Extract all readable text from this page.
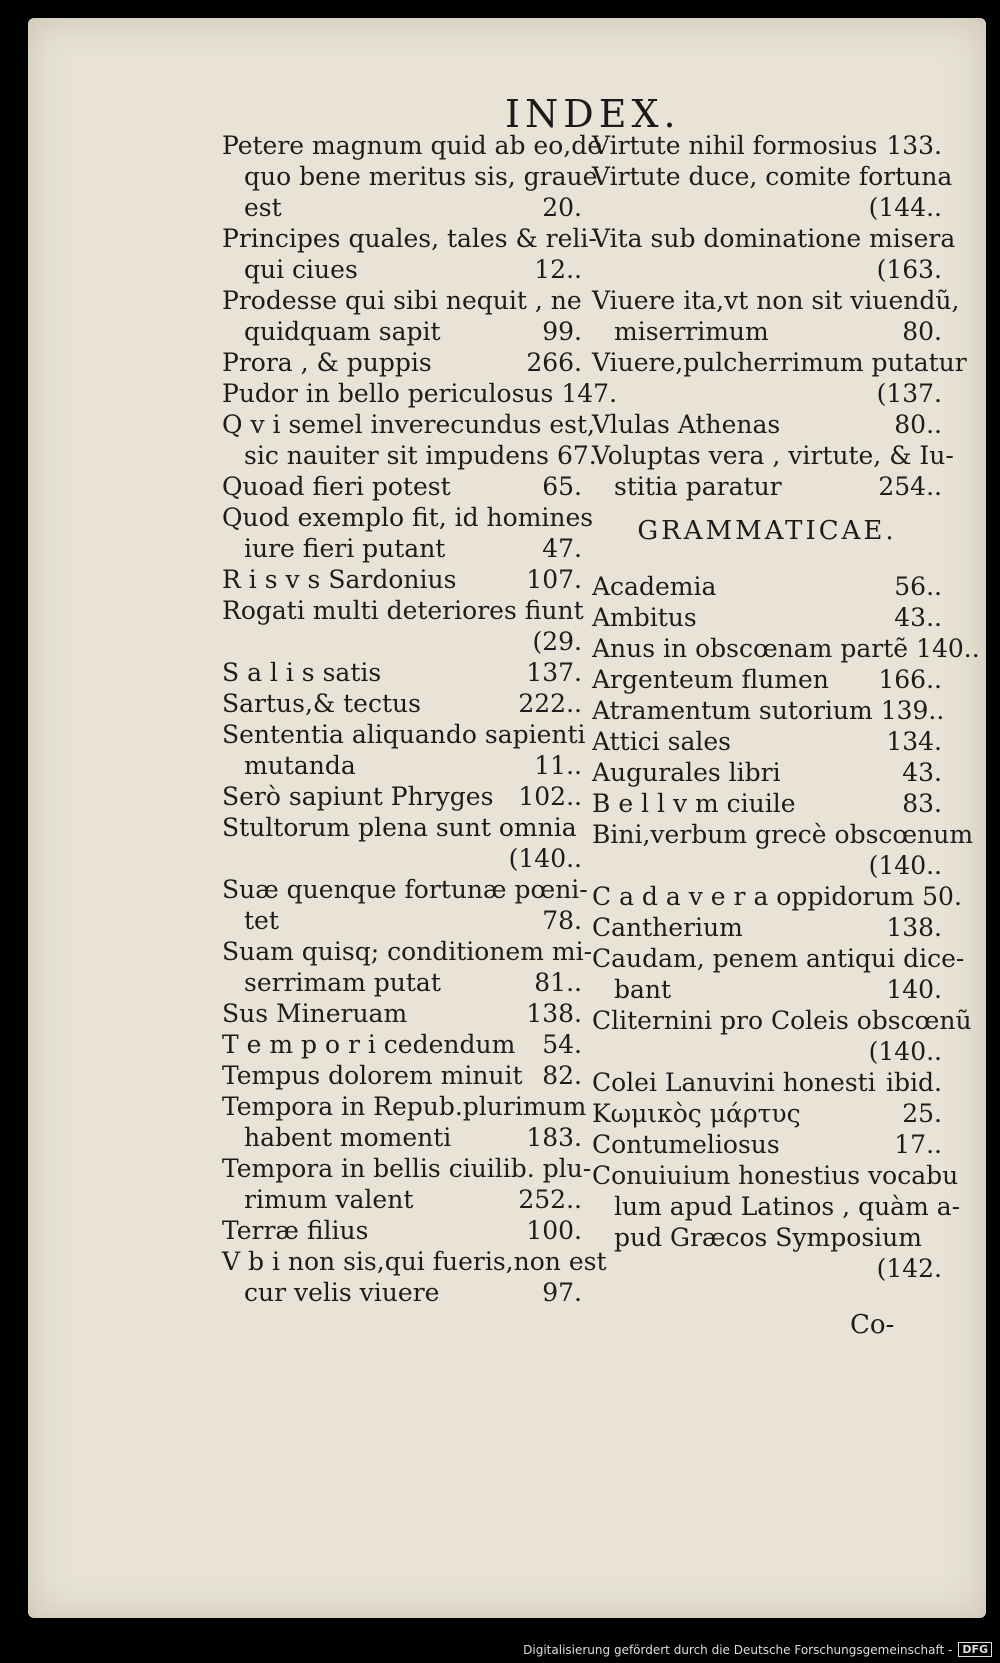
INDEX.
Petere magnum quid ab eo,de
quo bene meritus sis, graue
est	20.
Principes quales, tales & reli-
qui ciues	12..
Prodesse qui sibi nequit , ne
quidquam sapit	99.
Prora , & puppis	266.
Pudor in bello periculosus 147.
Q v i semel inverecundus est,
sic nauiter sit impudens 67..
Quoad fieri potest	65.
Quod exemplo fit, id homines
iure fieri putant	47.
R i s v s Sardonius	107.
Rogati multi deteriores fiunt
(29.
S a l i s satis	137.
Sartus,& tectus	222..
Sententia aliquando sapienti
mutanda	11..
Serò sapiunt Phryges 102..
Stultorum plena sunt omnia
(140..
Suæ quenque fortunæ pœni-
tet	78.
Suam quisq; conditionem mi-
serrimam putat	81..
Sus Mineruam	138.
T e m p o r i cedendum	54.
Tempus dolorem minuit 82.
Tempora in Repub.plurimum
habent momenti	183.
Tempora in bellis ciuilib. plu-
rimum valent	252..
Terræ filius	100.
V b i non sis,qui fueris,non est
cur velis viuere	97.
Virtute nihil formosius 133.
Virtute duce, comite fortuna
(144..
Vita sub dominatione misera
(163.
Viuere ita,vt non sit viuendũ,
miserrimum	80.
Viuere,pulcherrimum putatur
(137.
Vlulas Athenas	80..
Voluptas vera , virtute, & Iu-
stitia paratur	254..
GRAMMATICAE.
Academia	56..
Ambitus	43..
Anus in obscœnam partẽ 140..
Argenteum flumen	166..
Atramentum sutorium 139..
Attici sales	134.
Augurales libri	43.
B e l l v m ciuile	83.
Bini,verbum grecè obscœnum
(140..
C a d a v e r a oppidorum 50.
Cantherium	138.
Caudam, penem antiqui dice-
bant	140.
Cliternini pro Coleis obscœnũ
(140..
Colei Lanuvini honesti ibid.
Κωμικὸς μάρτυς	25.
Contumeliosus	17..
Conuiuium honestius vocabu
lum apud Latinos , quàm a-
pud Græcos Symposium
(142.
Co-
Digitalisierung gefördert durch die Deutsche Forschungsgemeinschaft - DFG
